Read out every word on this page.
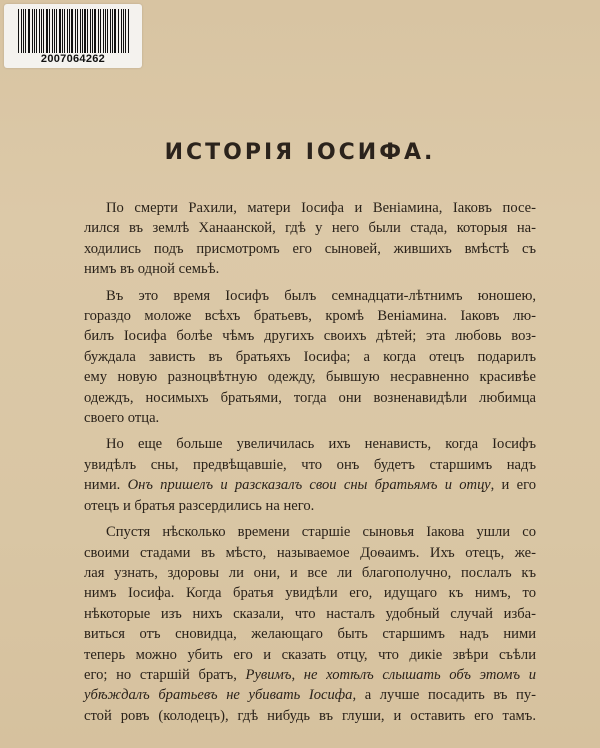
2007064262
ИСТОРІЯ ІОСИФА.
По смерти Рахили, матери Іосифа и Веніамина, Іаковъ посе-
лился въ землѣ Ханаанской, гдѣ у него были стада, которыя на-
ходились подъ присмотромъ его сыновей, жившихъ вмѣстѣ съ
нимъ въ одной семьѣ.
Въ это время Іосифъ былъ семнадцати-лѣтнимъ юношею,
гораздо моложе всѣхъ братьевъ, кромѣ Веніамина. Іаковъ лю-
билъ Іосифа болѣе чѣмъ другихъ своихъ дѣтей; эта любовь воз-
буждала зависть въ братьяхъ Іосифа; а когда отецъ подарилъ
ему новую разноцвѣтную одежду, бывшую несравненно красивѣе
одеждъ, носимыхъ братьями, тогда они возненавидѣли любимца
своего отца.
Но еще больше увеличилась ихъ ненависть, когда Іосифъ
увидѣлъ сны, предвѣщавшіе, что онъ будетъ старшимъ надъ
ними. Онъ пришелъ и разсказалъ свои сны братьямъ и отцу, и его
отецъ и братья разсердились на него.
Спустя нѣсколько времени старшіе сыновья Іакова ушли со
своими стадами въ мѣсто, называемое Доѳаимъ. Ихъ отецъ, же-
лая узнать, здоровы ли они, и все ли благополучно, послалъ къ
нимъ Іосифа. Когда братья увидѣли его, идущаго къ нимъ, то
нѣкоторые изъ нихъ сказали, что насталъ удобный случай изба-
виться отъ сновидца, желающаго быть старшимъ надъ ними
теперь можно убить его и сказать отцу, что дикіе звѣри съѣли
его; но старшій братъ, Рувимъ, не хотѣлъ слышать объ этомъ и
убѣждалъ братьевъ не убивать Іосифа, а лучше посадить въ пу-
стой ровъ (колодецъ), гдѣ нибудь въ глуши, и оставить его тамъ.
